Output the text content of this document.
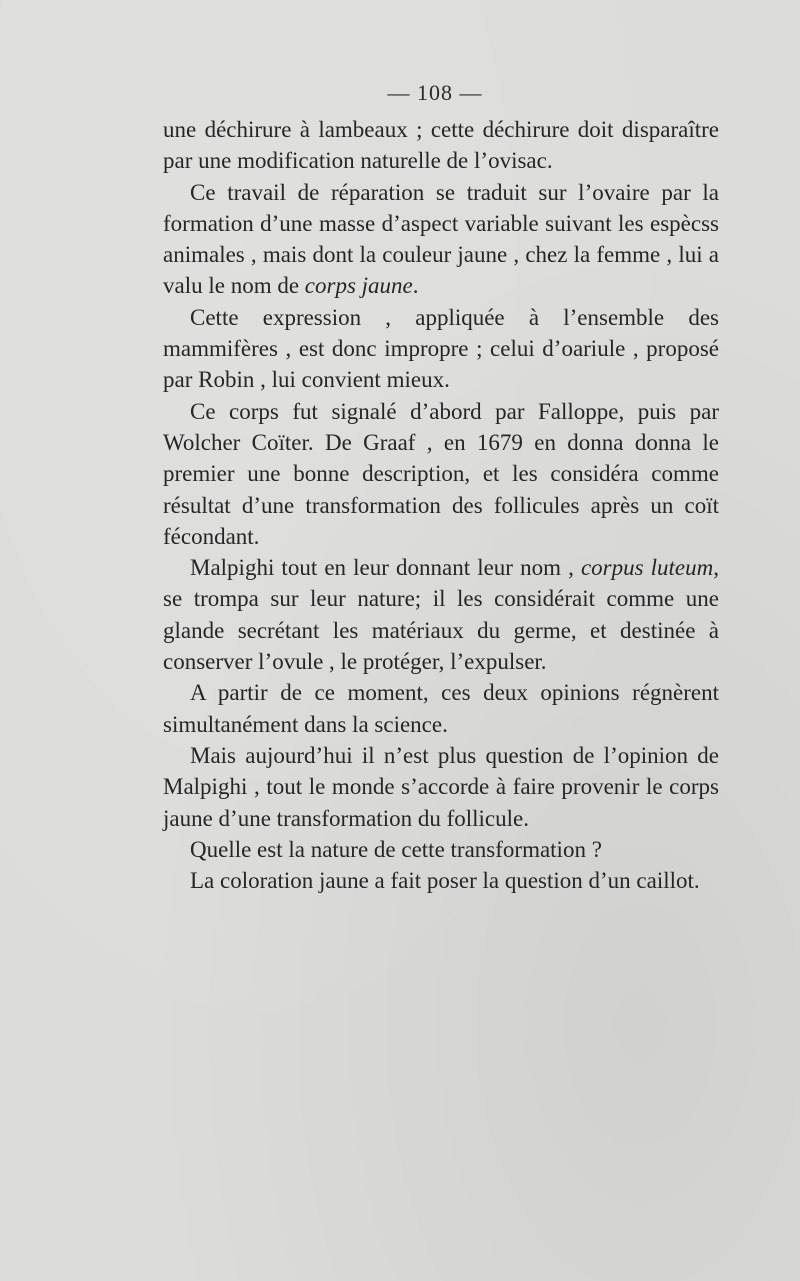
— 108 —

une déchirure à lambeaux ; cette déchirure doit disparaître par une modification naturelle de l’ovisac.

Ce travail de réparation se traduit sur l’ovaire par la formation d’une masse d’aspect variable suivant les espècss animales , mais dont la couleur jaune , chez la femme , lui a valu le nom de corps jaune.

Cette expression , appliquée à l’ensemble des mammifères , est donc impropre ; celui d’oariule , proposé par Robin , lui convient mieux.

Ce corps fut signalé d’abord par Falloppe, puis par Wolcher Coïter. De Graaf , en 1679 en donna donna le premier une bonne description, et les considéra comme résultat d’une transformation des follicules après un coït fécondant.

Malpighi tout en leur donnant leur nom , corpus luteum, se trompa sur leur nature; il les considérait comme une glande secrétant les matériaux du germe, et destinée à conserver l’ovule , le protéger, l’expulser.

A partir de ce moment, ces deux opinions régnèrent simultanément dans la science.

Mais aujourd’hui il n’est plus question de l’opinion de Malpighi , tout le monde s’accorde à faire provenir le corps jaune d’une transformation du follicule.

Quelle est la nature de cette transformation ?

La coloration jaune a fait poser la question d’un caillot.
